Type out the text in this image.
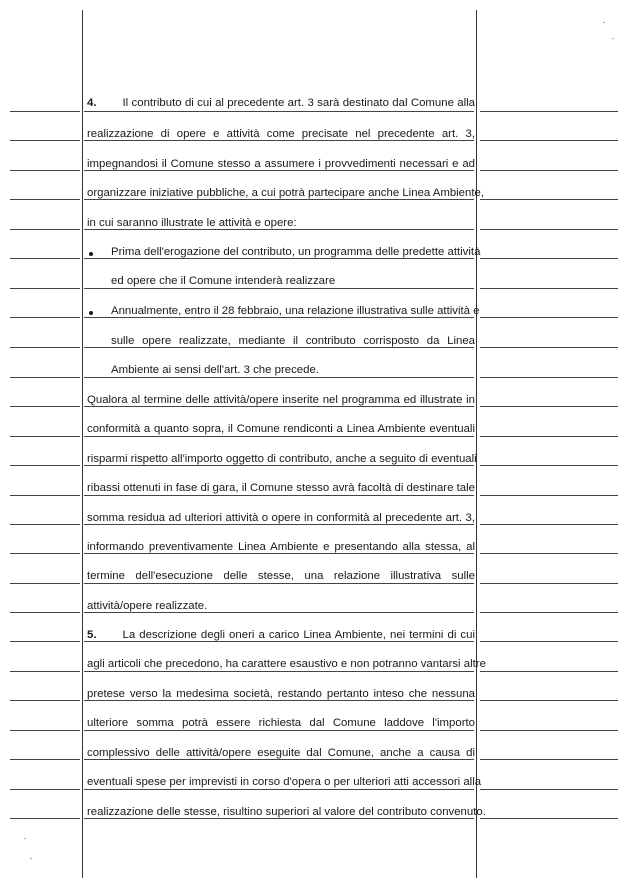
4. Il contributo di cui al precedente art. 3 sarà destinato dal Comune alla
realizzazione di opere e attività come precisate nel precedente art. 3,
impegnandosi il Comune stesso a assumere i provvedimenti necessari e ad
organizzare iniziative pubbliche, a cui potrà partecipare anche Linea Ambiente,
in cui saranno illustrate le attività e opere:
Prima dell'erogazione del contributo, un programma delle predette attività
ed opere che il Comune intenderà realizzare
Annualmente, entro il 28 febbraio, una relazione illustrativa sulle attività e
sulle opere realizzate, mediante il contributo corrisposto da Linea
Ambiente ai sensi dell'art. 3 che precede.
Qualora al termine delle attività/opere inserite nel programma ed illustrate in
conformità a quanto sopra, il Comune rendiconti a Linea Ambiente eventuali
risparmi rispetto all'importo oggetto di contributo, anche a seguito di eventuali
ribassi ottenuti in fase di gara, il Comune stesso avrà facoltà di destinare tale
somma residua ad ulteriori attività o opere in conformità al precedente art. 3,
informando preventivamente Linea Ambiente e presentando alla stessa, al
termine dell'esecuzione delle stesse, una relazione illustrativa sulle
attività/opere realizzate.
5. La descrizione degli oneri a carico Linea Ambiente, nei termini di cui
agli articoli che precedono, ha carattere esaustivo e non potranno vantarsi altre
pretese verso la medesima società, restando pertanto inteso che nessuna
ulteriore somma potrà essere richiesta dal Comune laddove l'importo
complessivo delle attività/opere eseguite dal Comune, anche a causa di
eventuali spese per imprevisti in corso d'opera o per ulteriori atti accessori alla
realizzazione delle stesse, risultino superiori al valore del contributo convenuto.
